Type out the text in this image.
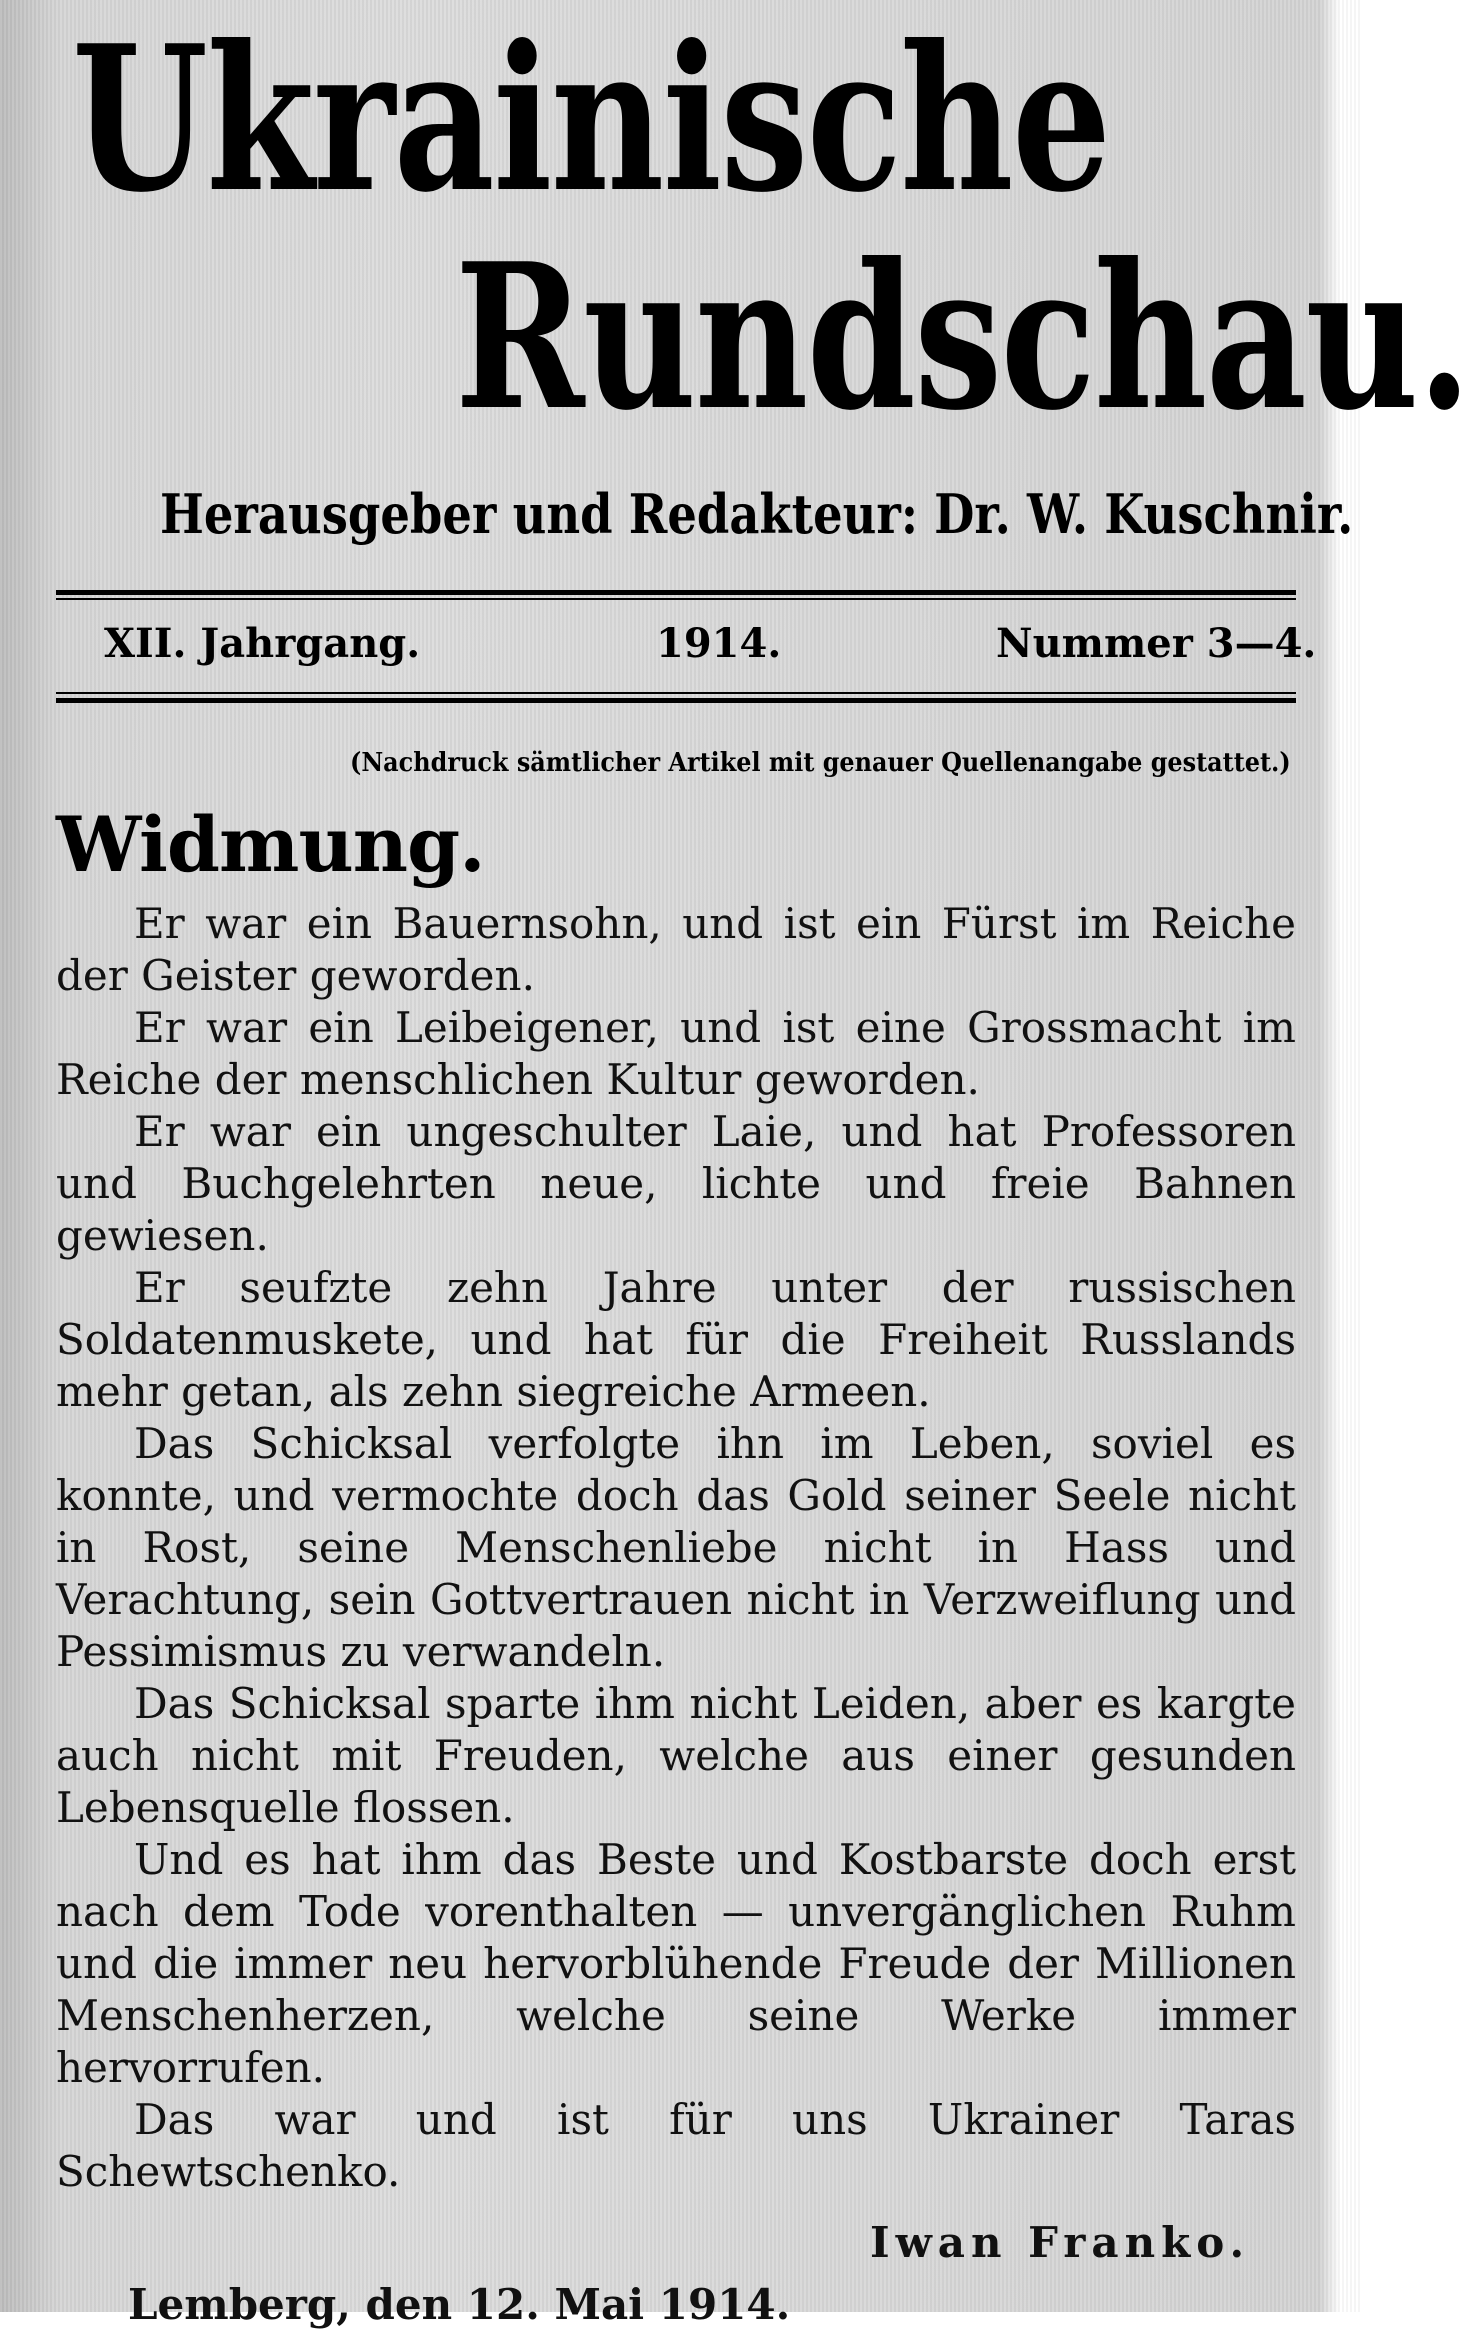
Ukrainische
Rundschau.
Herausgeber und Redakteur: Dr. W. Kuschnir.
XII. Jahrgang.	1914.	Nummer 3—4.
(Nachdruck sämtlicher Artikel mit genauer Quellenangabe gestattet.)
Widmung.

Er war ein Bauernsohn, und ist ein Fürst im Reiche der Geister geworden.

Er war ein Leibeigener, und ist eine Grossmacht im Reiche der menschlichen Kultur geworden.

Er war ein ungeschulter Laie, und hat Professoren und Buchgelehrten neue, lichte und freie Bahnen gewiesen.

Er seufzte zehn Jahre unter der russischen Soldatenmuskete, und hat für die Freiheit Russlands mehr getan, als zehn siegreiche Armeen.

Das Schicksal verfolgte ihn im Leben, soviel es konnte, und vermochte doch das Gold seiner Seele nicht in Rost, seine Menschenliebe nicht in Hass und Verachtung, sein Gottvertrauen nicht in Verzweiflung und Pessimismus zu verwandeln.

Das Schicksal sparte ihm nicht Leiden, aber es kargte auch nicht mit Freuden, welche aus einer gesunden Lebensquelle flossen.

Und es hat ihm das Beste und Kostbarste doch erst nach dem Tode vorenthalten — unvergänglichen Ruhm und die immer neu hervorblühende Freude der Millionen Menschenherzen, welche seine Werke immer hervorrufen.

Das war und ist für uns Ukrainer Taras Schewtschenko.

Iwan Franko.
Lemberg, den 12. Mai 1914.
